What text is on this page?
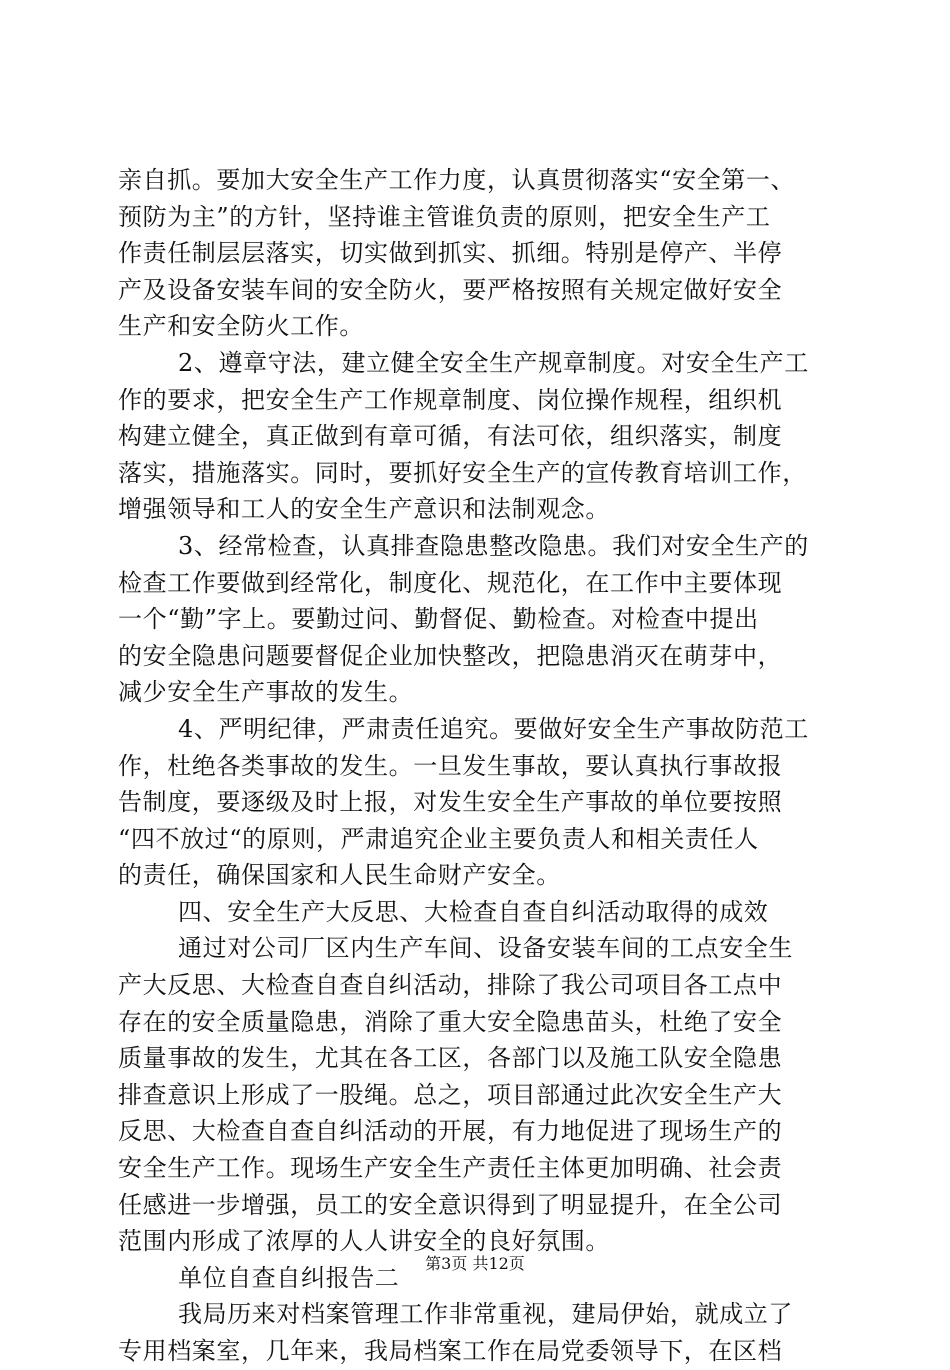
亲自抓。要加大安全生产工作力度，认真贯彻落实“安全第一、
预防为主”的方针，坚持谁主管谁负责的原则，把安全生产工
作责任制层层落实，切实做到抓实、抓细。特别是停产、半停
产及设备安装车间的安全防火，要严格按照有关规定做好安全
生产和安全防火工作。
2、遵章守法，建立健全安全生产规章制度。对安全生产工
作的要求，把安全生产工作规章制度、岗位操作规程，组织机
构建立健全，真正做到有章可循，有法可依，组织落实，制度
落实，措施落实。同时，要抓好安全生产的宣传教育培训工作，
增强领导和工人的安全生产意识和法制观念。
3、经常检查，认真排查隐患整改隐患。我们对安全生产的
检查工作要做到经常化，制度化、规范化，在工作中主要体现
一个“勤”字上。要勤过问、勤督促、勤检查。对检查中提出
的安全隐患问题要督促企业加快整改，把隐患消灭在萌芽中，
减少安全生产事故的发生。
4、严明纪律，严肃责任追究。要做好安全生产事故防范工
作，杜绝各类事故的发生。一旦发生事故，要认真执行事故报
告制度，要逐级及时上报，对发生安全生产事故的单位要按照
“四不放过“的原则，严肃追究企业主要负责人和相关责任人
的责任，确保国家和人民生命财产安全。
四、安全生产大反思、大检查自查自纠活动取得的成效
通过对公司厂区内生产车间、设备安装车间的工点安全生
产大反思、大检查自查自纠活动，排除了我公司项目各工点中
存在的安全质量隐患，消除了重大安全隐患苗头，杜绝了安全
质量事故的发生，尤其在各工区，各部门以及施工队安全隐患
排查意识上形成了一股绳。总之，项目部通过此次安全生产大
反思、大检查自查自纠活动的开展，有力地促进了现场生产的
安全生产工作。现场生产安全生产责任主体更加明确、社会责
任感进一步增强，员工的安全意识得到了明显提升，在全公司
范围内形成了浓厚的人人讲安全的良好氛围。
单位自查自纠报告二
我局历来对档案管理工作非常重视，建局伊始，就成立了
专用档案室，几年来，我局档案工作在局党委领导下，在区档
第3页 共12页
